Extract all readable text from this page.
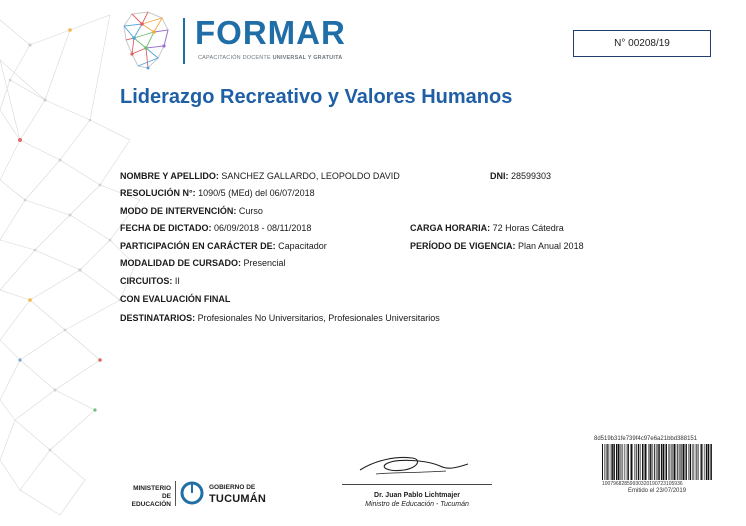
FORMAR
CAPACITACIÓN DOCENTE UNIVERSAL Y GRATUITA
N° 00208/19
Liderazgo Recreativo y Valores Humanos
NOMBRE Y APELLIDO: SANCHEZ GALLARDO, LEOPOLDO DAVID	DNI: 28599303
RESOLUCIÓN N°: 1090/5 (MEd) del 06/07/2018
MODO DE INTERVENCIÓN: Curso
FECHA DE DICTADO: 06/09/2018 - 08/11/2018	CARGA HORARIA: 72 Horas Cátedra
PARTICIPACIÓN EN CARÁCTER DE: Capacitador	PERÍODO DE VIGENCIA: Plan Anual 2018
MODALIDAD DE CURSADO: Presencial
CIRCUITOS: II
CON EVALUACIÓN FINAL
DESTINATARIOS: Profesionales No Universitarios, Profesionales Universitarios
8d519b31fe739f4c97e6a21bbd388151
10079682859930320190723105936
Emitido el 23/07/2019
Dr. Juan Pablo Lichtmajer
Ministro de Educación - Tucumán
MINISTERIO DE EDUCACIÓN
GOBIERNO DE
TUCUMÁN
